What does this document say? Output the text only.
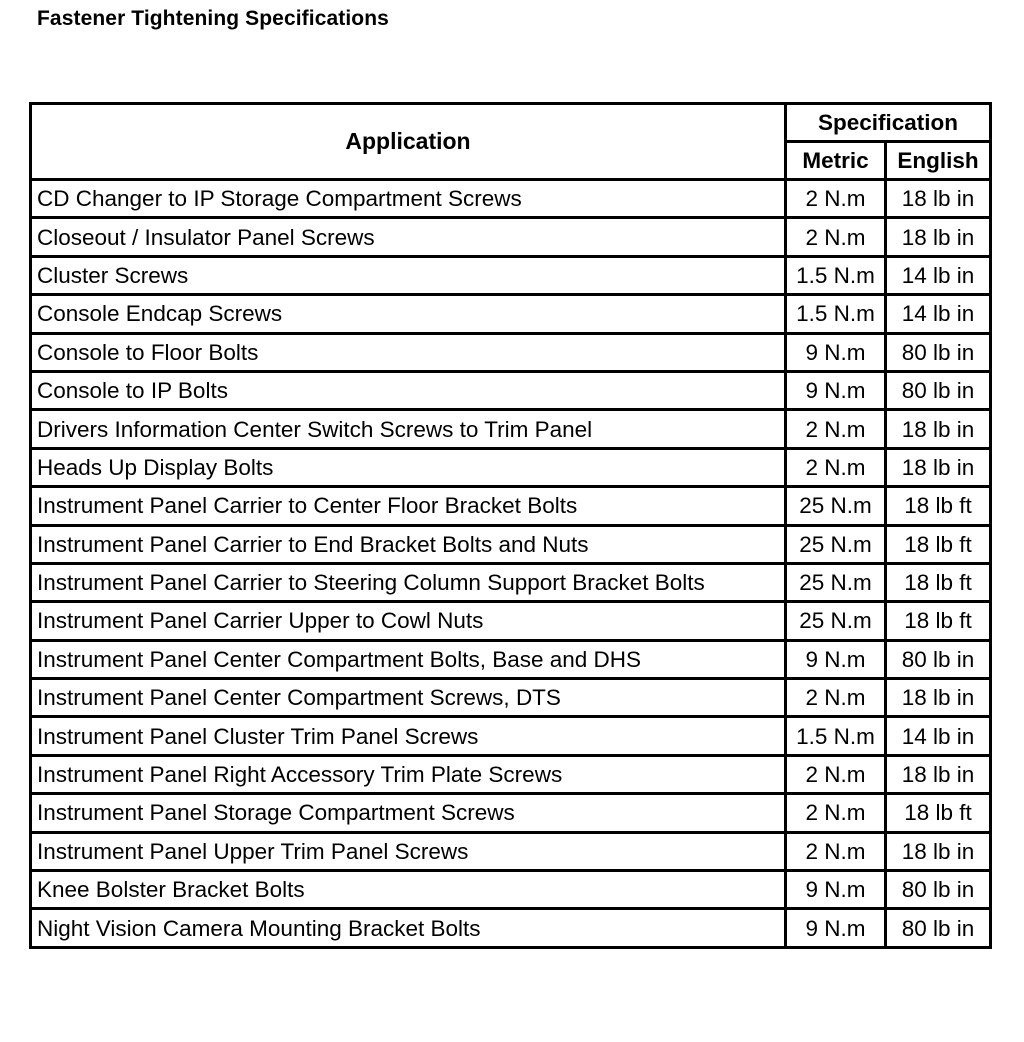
Fastener Tightening Specifications
Application	Specification	
	Metric	English
CD Changer to IP Storage Compartment Screws	2 N.m	18 lb in
Closeout / Insulator Panel Screws	2 N.m	18 lb in
Cluster Screws	1.5 N.m	14 lb in
Console Endcap Screws	1.5 N.m	14 lb in
Console to Floor Bolts	9 N.m	80 lb in
Console to IP Bolts	9 N.m	80 lb in
Drivers Information Center Switch Screws to Trim Panel	2 N.m	18 lb in
Heads Up Display Bolts	2 N.m	18 lb in
Instrument Panel Carrier to Center Floor Bracket Bolts	25 N.m	18 lb ft
Instrument Panel Carrier to End Bracket Bolts and Nuts	25 N.m	18 lb ft
Instrument Panel Carrier to Steering Column Support Bracket Bolts	25 N.m	18 lb ft
Instrument Panel Carrier Upper to Cowl Nuts	25 N.m	18 lb ft
Instrument Panel Center Compartment Bolts, Base and DHS	9 N.m	80 lb in
Instrument Panel Center Compartment Screws, DTS	2 N.m	18 lb in
Instrument Panel Cluster Trim Panel Screws	1.5 N.m	14 lb in
Instrument Panel Right Accessory Trim Plate Screws	2 N.m	18 lb in
Instrument Panel Storage Compartment Screws	2 N.m	18 lb ft
Instrument Panel Upper Trim Panel Screws	2 N.m	18 lb in
Knee Bolster Bracket Bolts	9 N.m	80 lb in
Night Vision Camera Mounting Bracket Bolts	9 N.m	80 lb in
